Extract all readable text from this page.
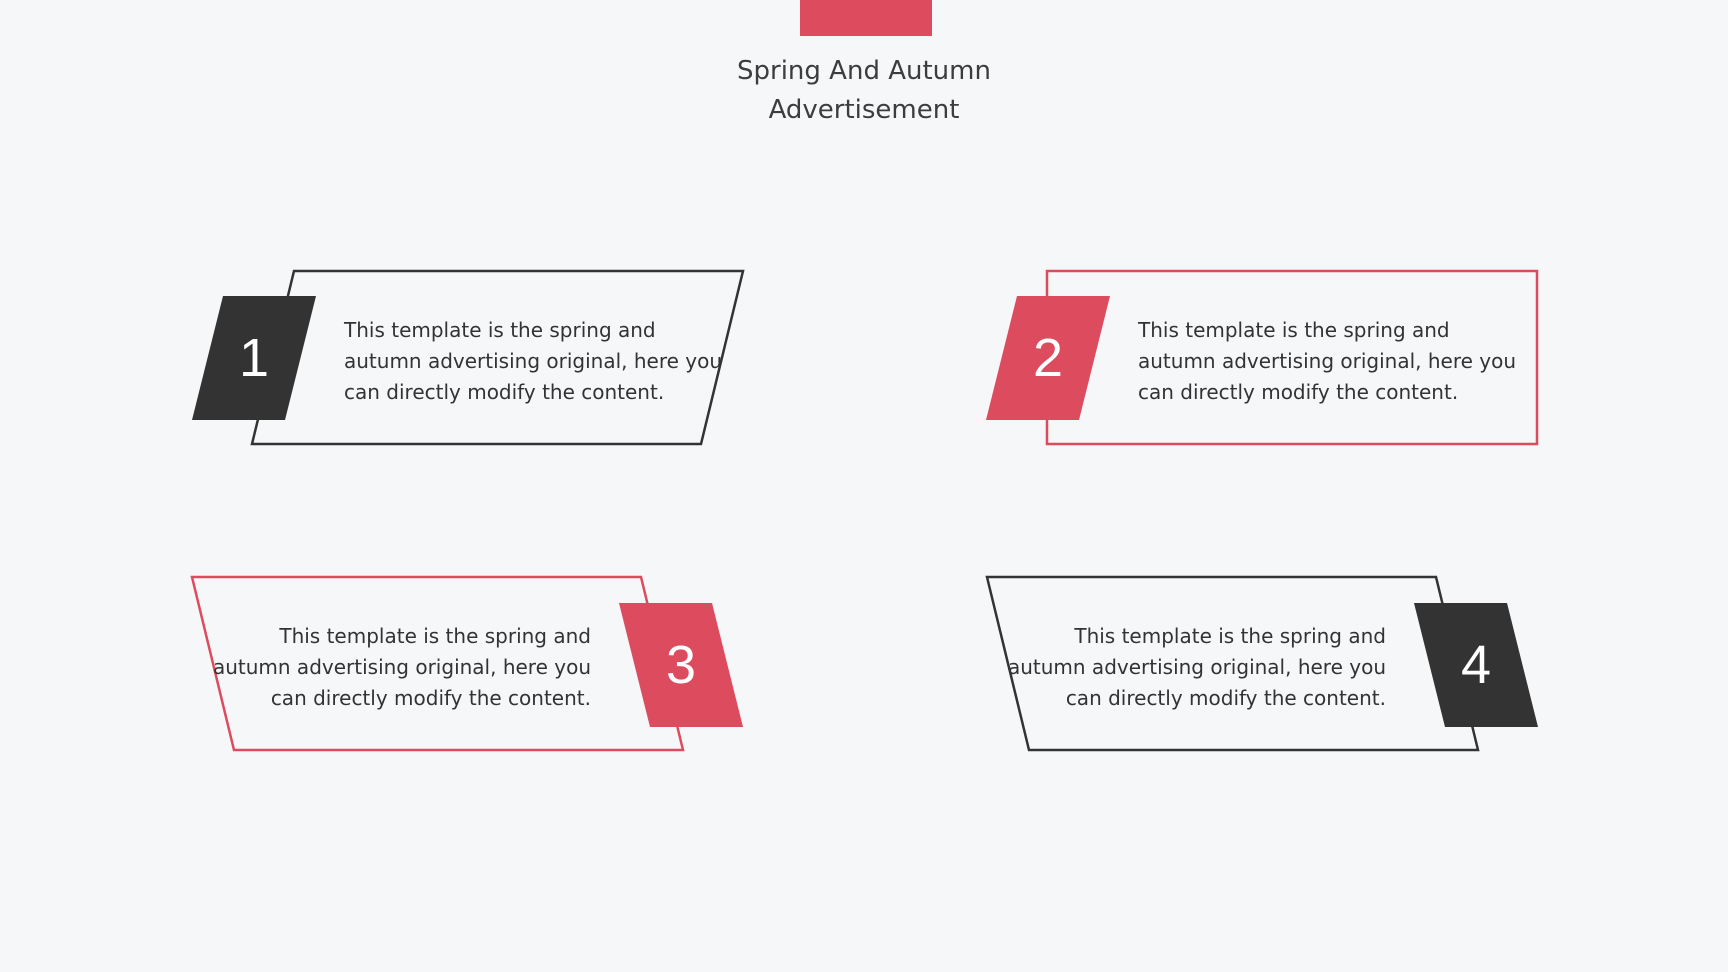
Spring And Autumn
Advertisement
1	2
3	4
This template is the spring and autumn advertising original, here you can directly modify the content.
This template is the spring and autumn advertising original, here you can directly modify the content.
This template is the spring and autumn advertising original, here you can directly modify the content.
This template is the spring and autumn advertising original, here you can directly modify the content.
